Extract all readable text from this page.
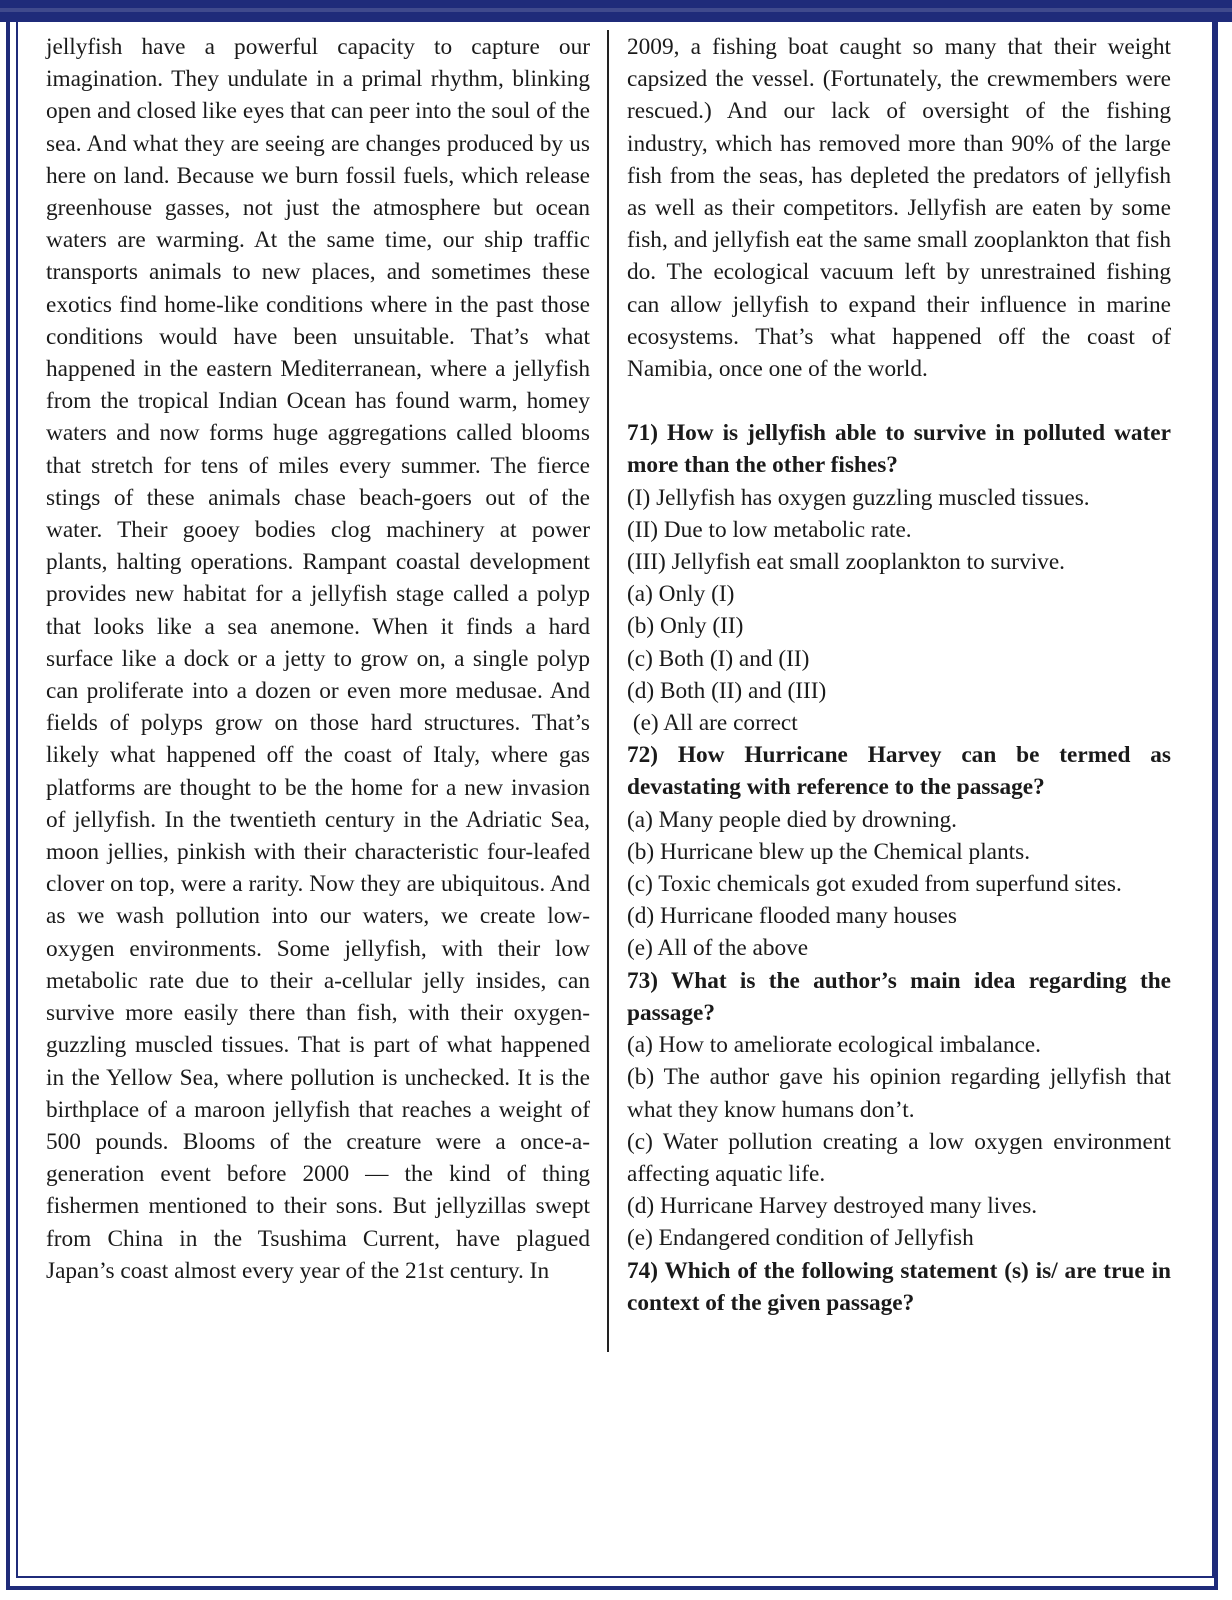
jellyfish have a powerful capacity to capture our imagination. They undulate in a primal rhythm, blinking open and closed like eyes that can peer into the soul of the sea. And what they are seeing are changes produced by us here on land. Because we burn fossil fuels, which release greenhouse gasses, not just the atmosphere but ocean waters are warming. At the same time, our ship traffic transports animals to new places, and sometimes these exotics find home-like conditions where in the past those conditions would have been unsuitable. That’s what happened in the eastern Mediterranean, where a jellyfish from the tropical Indian Ocean has found warm, homey waters and now forms huge aggregations called blooms that stretch for tens of miles every summer. The fierce stings of these animals chase beach-goers out of the water. Their gooey bodies clog machinery at power plants, halting operations. Rampant coastal development provides new habitat for a jellyfish stage called a polyp that looks like a sea anemone. When it finds a hard surface like a dock or a jetty to grow on, a single polyp can proliferate into a dozen or even more medusae. And fields of polyps grow on those hard structures. That’s likely what happened off the coast of Italy, where gas platforms are thought to be the home for a new invasion of jellyfish. In the twentieth century in the Adriatic Sea, moon jellies, pinkish with their characteristic four-leafed clover on top, were a rarity. Now they are ubiquitous. And as we wash pollution into our waters, we create low- oxygen environments. Some jellyfish, with their low metabolic rate due to their a-cellular jelly insides, can survive more easily there than fish, with their oxygen-guzzling muscled tissues. That is part of what happened in the Yellow Sea, where pollution is unchecked. It is the birthplace of a maroon jellyfish that reaches a weight of 500 pounds. Blooms of the creature were a once-a-generation event before 2000 — the kind of thing fishermen mentioned to their sons. But jellyzillas swept from China in the Tsushima Current, have plagued Japan’s coast almost every year of the 21st century. In

2009, a fishing boat caught so many that their weight capsized the vessel. (Fortunately, the crewmembers were rescued.) And our lack of oversight of the fishing industry, which has removed more than 90% of the large fish from the seas, has depleted the predators of jellyfish as well as their competitors. Jellyfish are eaten by some fish, and jellyfish eat the same small zooplankton that fish do. The ecological vacuum left by unrestrained fishing can allow jellyfish to expand their influence in marine ecosystems. That’s what happened off the coast of Namibia, once one of the world.

71) How is jellyfish able to survive in polluted water more than the other fishes?

(I) Jellyfish has oxygen guzzling muscled tissues.

(II) Due to low metabolic rate.

(III) Jellyfish eat small zooplankton to survive.

(a) Only (I)

(b) Only (II)

(c) Both (I) and (II)

(d) Both (II) and (III)

(e) All are correct

72) How Hurricane Harvey can be termed as devastating with reference to the passage?

(a) Many people died by drowning.

(b) Hurricane blew up the Chemical plants.

(c) Toxic chemicals got exuded from superfund sites.

(d) Hurricane flooded many houses

(e) All of the above

73) What is the author’s main idea regarding the passage?

(a) How to ameliorate ecological imbalance.

(b) The author gave his opinion regarding jellyfish that what they know humans don’t.

(c) Water pollution creating a low oxygen environment affecting aquatic life.

(d) Hurricane Harvey destroyed many lives.

(e) Endangered condition of Jellyfish

74) Which of the following statement (s) is/ are true in context of the given passage?
